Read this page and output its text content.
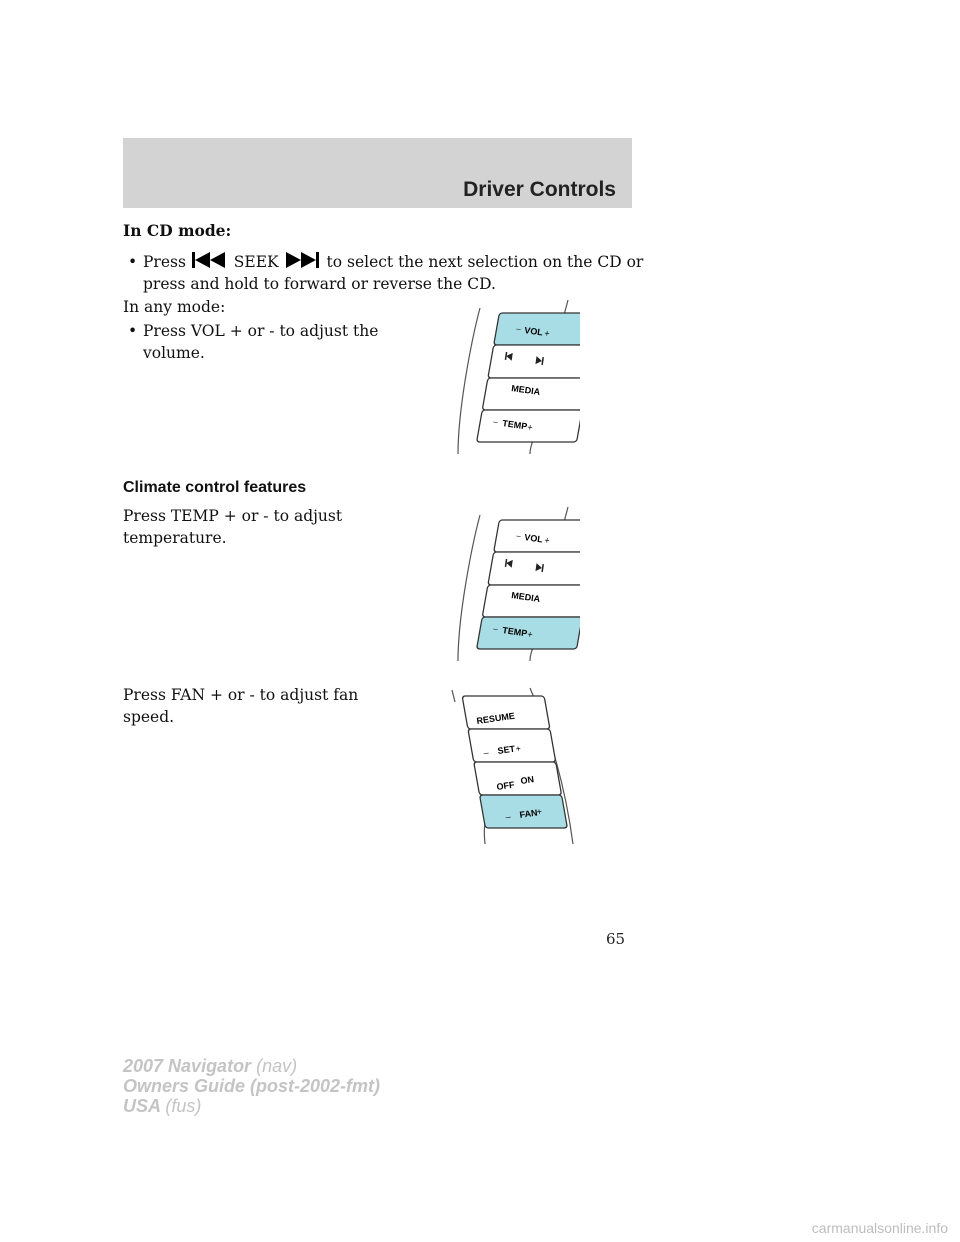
Driver Controls

In CD mode:

• Press	SEEK	to select the next selection on the CD or

press and hold to forward or reverse the CD.

In any mode:

• Press VOL + or - to adjust the

volume.

– VOL +
MEDIA
– TEMP
+

Climate control features

Press TEMP + or - to adjust

temperature.	– VOL +
MEDIA
– TEMP
+

Press FAN + or - to adjust fan

speed.	RESUME
– SET +
OFF ON
– FAN
+
65
2007 Navigator (nav)
Owners Guide (post-2002-fmt)
USA (fus)
carmanualsonline.info
